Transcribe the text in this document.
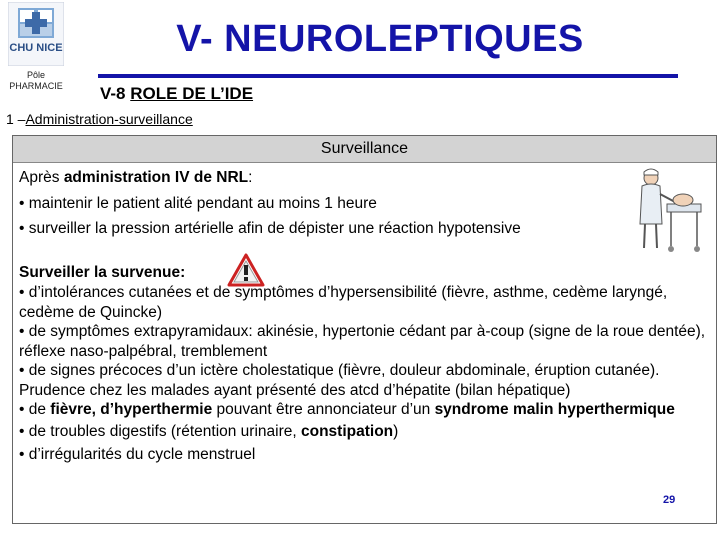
CHU NICE
Pôle
PHARMACIE
V- NEUROLEPTIQUES
V-8 ROLE DE L’IDE
1 –Administration-surveillance
Surveillance

Après administration IV de NRL:

• maintenir le patient alité pendant au moins 1 heure

• surveiller la pression artérielle afin de dépister une réaction hypotensive

Surveiller la survenue:

• d’intolérances cutanées et de symptômes d’hypersensibilité (fièvre, asthme, cedème laryngé, cedème de Quincke)

• de symptômes extrapyramidaux: akinésie, hypertonie cédant par à-coup (signe de la roue dentée), réflexe naso-palpébral, tremblement

• de signes précoces d’un ictère cholestatique (fièvre, douleur abdominale, éruption cutanée). Prudence chez les malades ayant présenté des atcd d’hépatite (bilan hépatique)

• de fièvre, d’hyperthermie pouvant être annonciateur d’un syndrome malin hyperthermique

• de troubles digestifs (rétention urinaire, constipation)

• d’irrégularités du cycle menstruel

29
